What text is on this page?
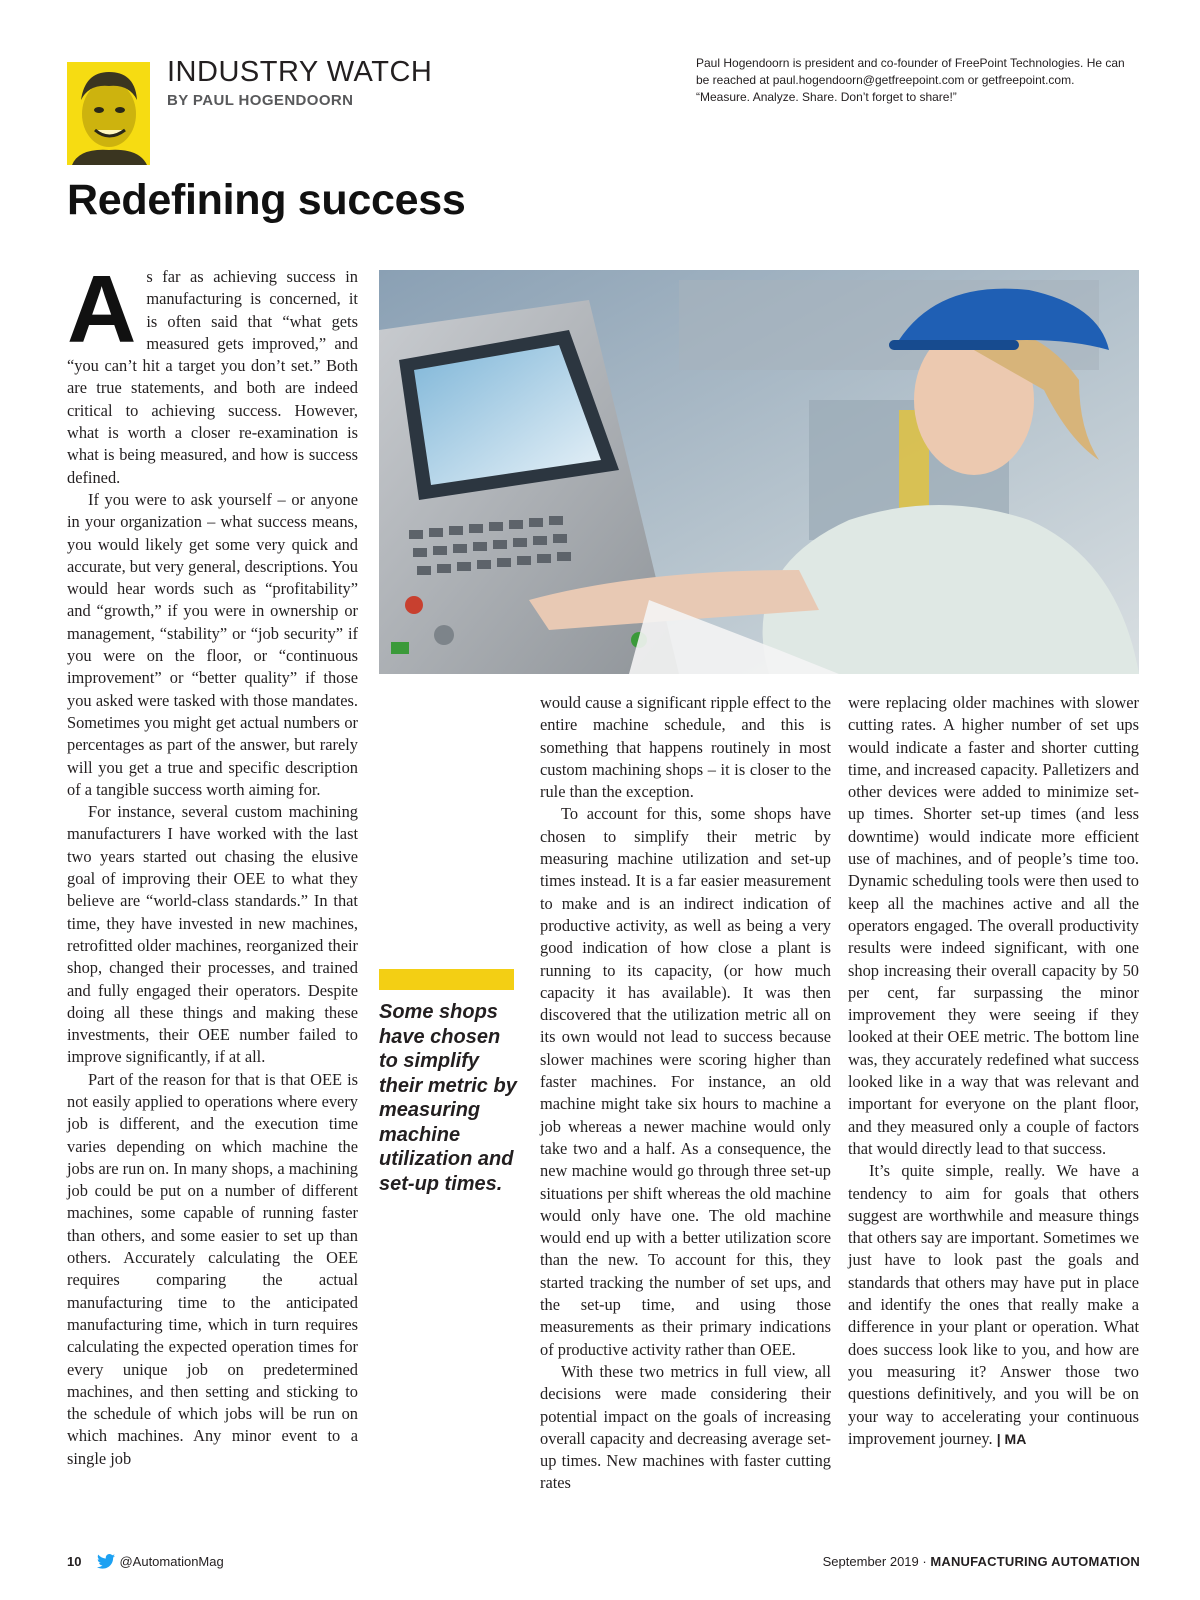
INDUSTRY WATCH
BY PAUL HOGENDOORN
Paul Hogendoorn is president and co-founder of FreePoint Technologies. He can be reached at paul.hogendoorn@getfreepoint.com or getfreepoint.com. “Measure. Analyze. Share. Don’t forget to share!”
Redefining success
A s far as achieving success in manufacturing is concerned, it is often said that “what gets measured gets improved,” and “you can’t hit a target you don’t set.” Both are true statements, and both are indeed critical to achieving success. However, what is worth a closer re-examination is what is being measured, and how is success defined.

If you were to ask yourself – or anyone in your organization – what success means, you would likely get some very quick and accurate, but very general, descriptions. You would hear words such as “profitability” and “growth,” if you were in ownership or management, “stability” or “job security” if you were on the floor, or “continuous improvement” or “better quality” if those you asked were tasked with those mandates. Sometimes you might get actual numbers or percentages as part of the answer, but rarely will you get a true and specific description of a tangible success worth aiming for.

For instance, several custom machining manufacturers I have worked with the last two years started out chasing the elusive goal of improving their OEE to what they believe are “world-class standards.” In that time, they have invested in new machines, retrofitted older machines, reorganized their shop, changed their processes, and trained and fully engaged their operators. Despite doing all these things and making these investments, their OEE number failed to improve significantly, if at all.

Part of the reason for that is that OEE is not easily applied to operations where every job is different, and the execution time varies depending on which machine the jobs are run on. In many shops, a machining job could be put on a number of different machines, some capable of running faster than others, and some easier to set up than others. Accurately calculating the OEE requires comparing the actual manufacturing time to the anticipated manufacturing time, which in turn requires calculating the expected operation times for every unique job on predetermined machines, and then setting and sticking to the schedule of which jobs will be run on which machines. Any minor event to a single job

Some shops have chosen to simplify their metric by measuring machine utilization and set-up times.

would cause a significant ripple effect to the entire machine schedule, and this is something that happens routinely in most custom machining shops – it is closer to the rule than the exception.

To account for this, some shops have chosen to simplify their metric by measuring machine utilization and set-up times instead. It is a far easier measurement to make and is an indirect indication of productive activity, as well as being a very good indication of how close a plant is running to its capacity, (or how much capacity it has available). It was then discovered that the utilization metric all on its own would not lead to success because slower machines were scoring higher than faster machines. For instance, an old machine might take six hours to machine a job whereas a newer machine would only take two and a half. As a consequence, the new machine would go through three set-up situations per shift whereas the old machine would only have one. The old machine would end up with a better utilization score than the new. To account for this, they started tracking the number of set ups, and the set-up time, and using those measurements as their primary indications of productive activity rather than OEE.

With these two metrics in full view, all decisions were made considering their potential impact on the goals of increasing overall capacity and decreasing average set-up times. New machines with faster cutting rates

were replacing older machines with slower cutting rates. A higher number of set ups would indicate a faster and shorter cutting time, and increased capacity. Palletizers and other devices were added to minimize set-up times. Shorter set-up times (and less downtime) would indicate more efficient use of machines, and of people’s time too. Dynamic scheduling tools were then used to keep all the machines active and all the operators engaged. The overall productivity results were indeed significant, with one shop increasing their overall capacity by 50 per cent, far surpassing the minor improvement they were seeing if they looked at their OEE metric. The bottom line was, they accurately redefined what success looked like in a way that was relevant and important for everyone on the plant floor, and they measured only a couple of factors that would directly lead to that success.

It’s quite simple, really. We have a tendency to aim for goals that others suggest are worthwhile and measure things that others say are important. Sometimes we just have to look past the goals and standards that others may have put in place and identify the ones that really make a difference in your plant or operation. What does success look like to you, and how are you measuring it? Answer those two questions definitively, and you will be on your way to accelerating your continuous improvement journey. | MA

10	@AutomationMag	September 2019 · MANUFACTURING AUTOMATION
